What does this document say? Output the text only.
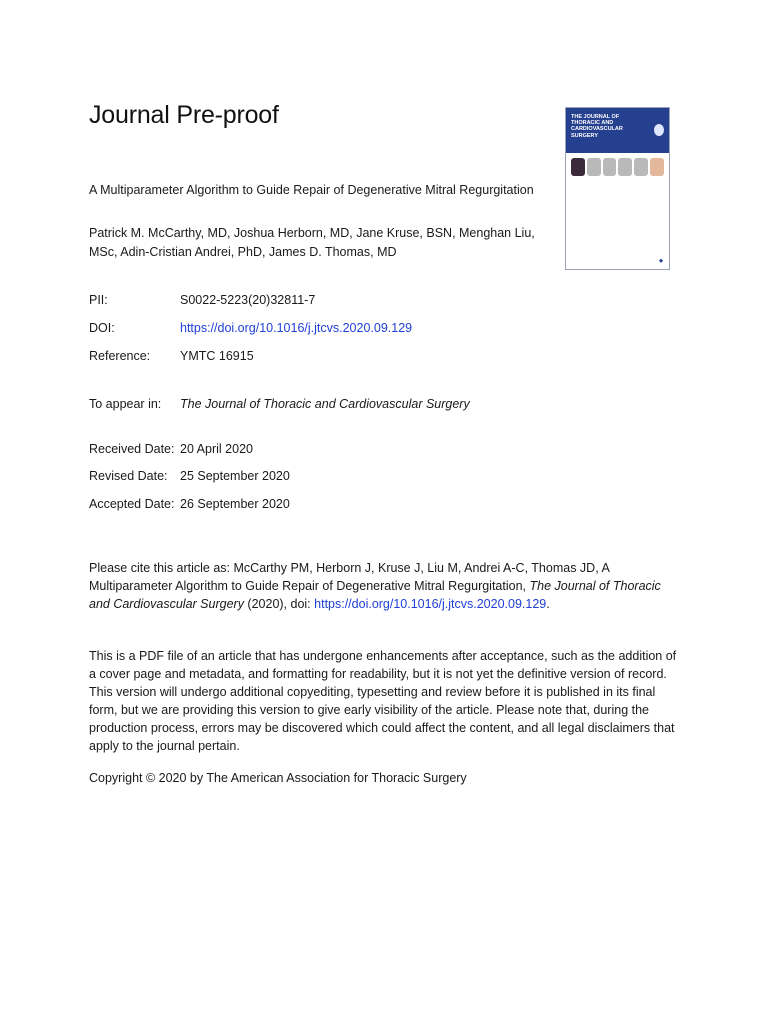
Journal Pre-proof	THE JOURNAL OF THORACIC AND CARDIOVASCULAR SURGERY
◆
A Multiparameter Algorithm to Guide Repair of Degenerative Mitral Regurgitation
Patrick M. McCarthy, MD, Joshua Herborn, MD, Jane Kruse, BSN, Menghan Liu, MSc, Adin-Cristian Andrei, PhD, James D. Thomas, MD
PII:	S0022-5223(20)32811-7
DOI:	https://doi.org/10.1016/j.jtcvs.2020.09.129
Reference: YMTC 16915
To appear in: The Journal of Thoracic and Cardiovascular Surgery
Received Date: 20 April 2020
Revised Date: 25 September 2020
Accepted Date: 26 September 2020
Please cite this article as: McCarthy PM, Herborn J, Kruse J, Liu M, Andrei A-C, Thomas JD, A Multiparameter Algorithm to Guide Repair of Degenerative Mitral Regurgitation, The Journal of Thoracic and Cardiovascular Surgery (2020), doi: https://doi.org/10.1016/j.jtcvs.2020.09.129.
This is a PDF file of an article that has undergone enhancements after acceptance, such as the addition of a cover page and metadata, and formatting for readability, but it is not yet the definitive version of record. This version will undergo additional copyediting, typesetting and review before it is published in its final form, but we are providing this version to give early visibility of the article. Please note that, during the production process, errors may be discovered which could affect the content, and all legal disclaimers that apply to the journal pertain.
Copyright © 2020 by The American Association for Thoracic Surgery
